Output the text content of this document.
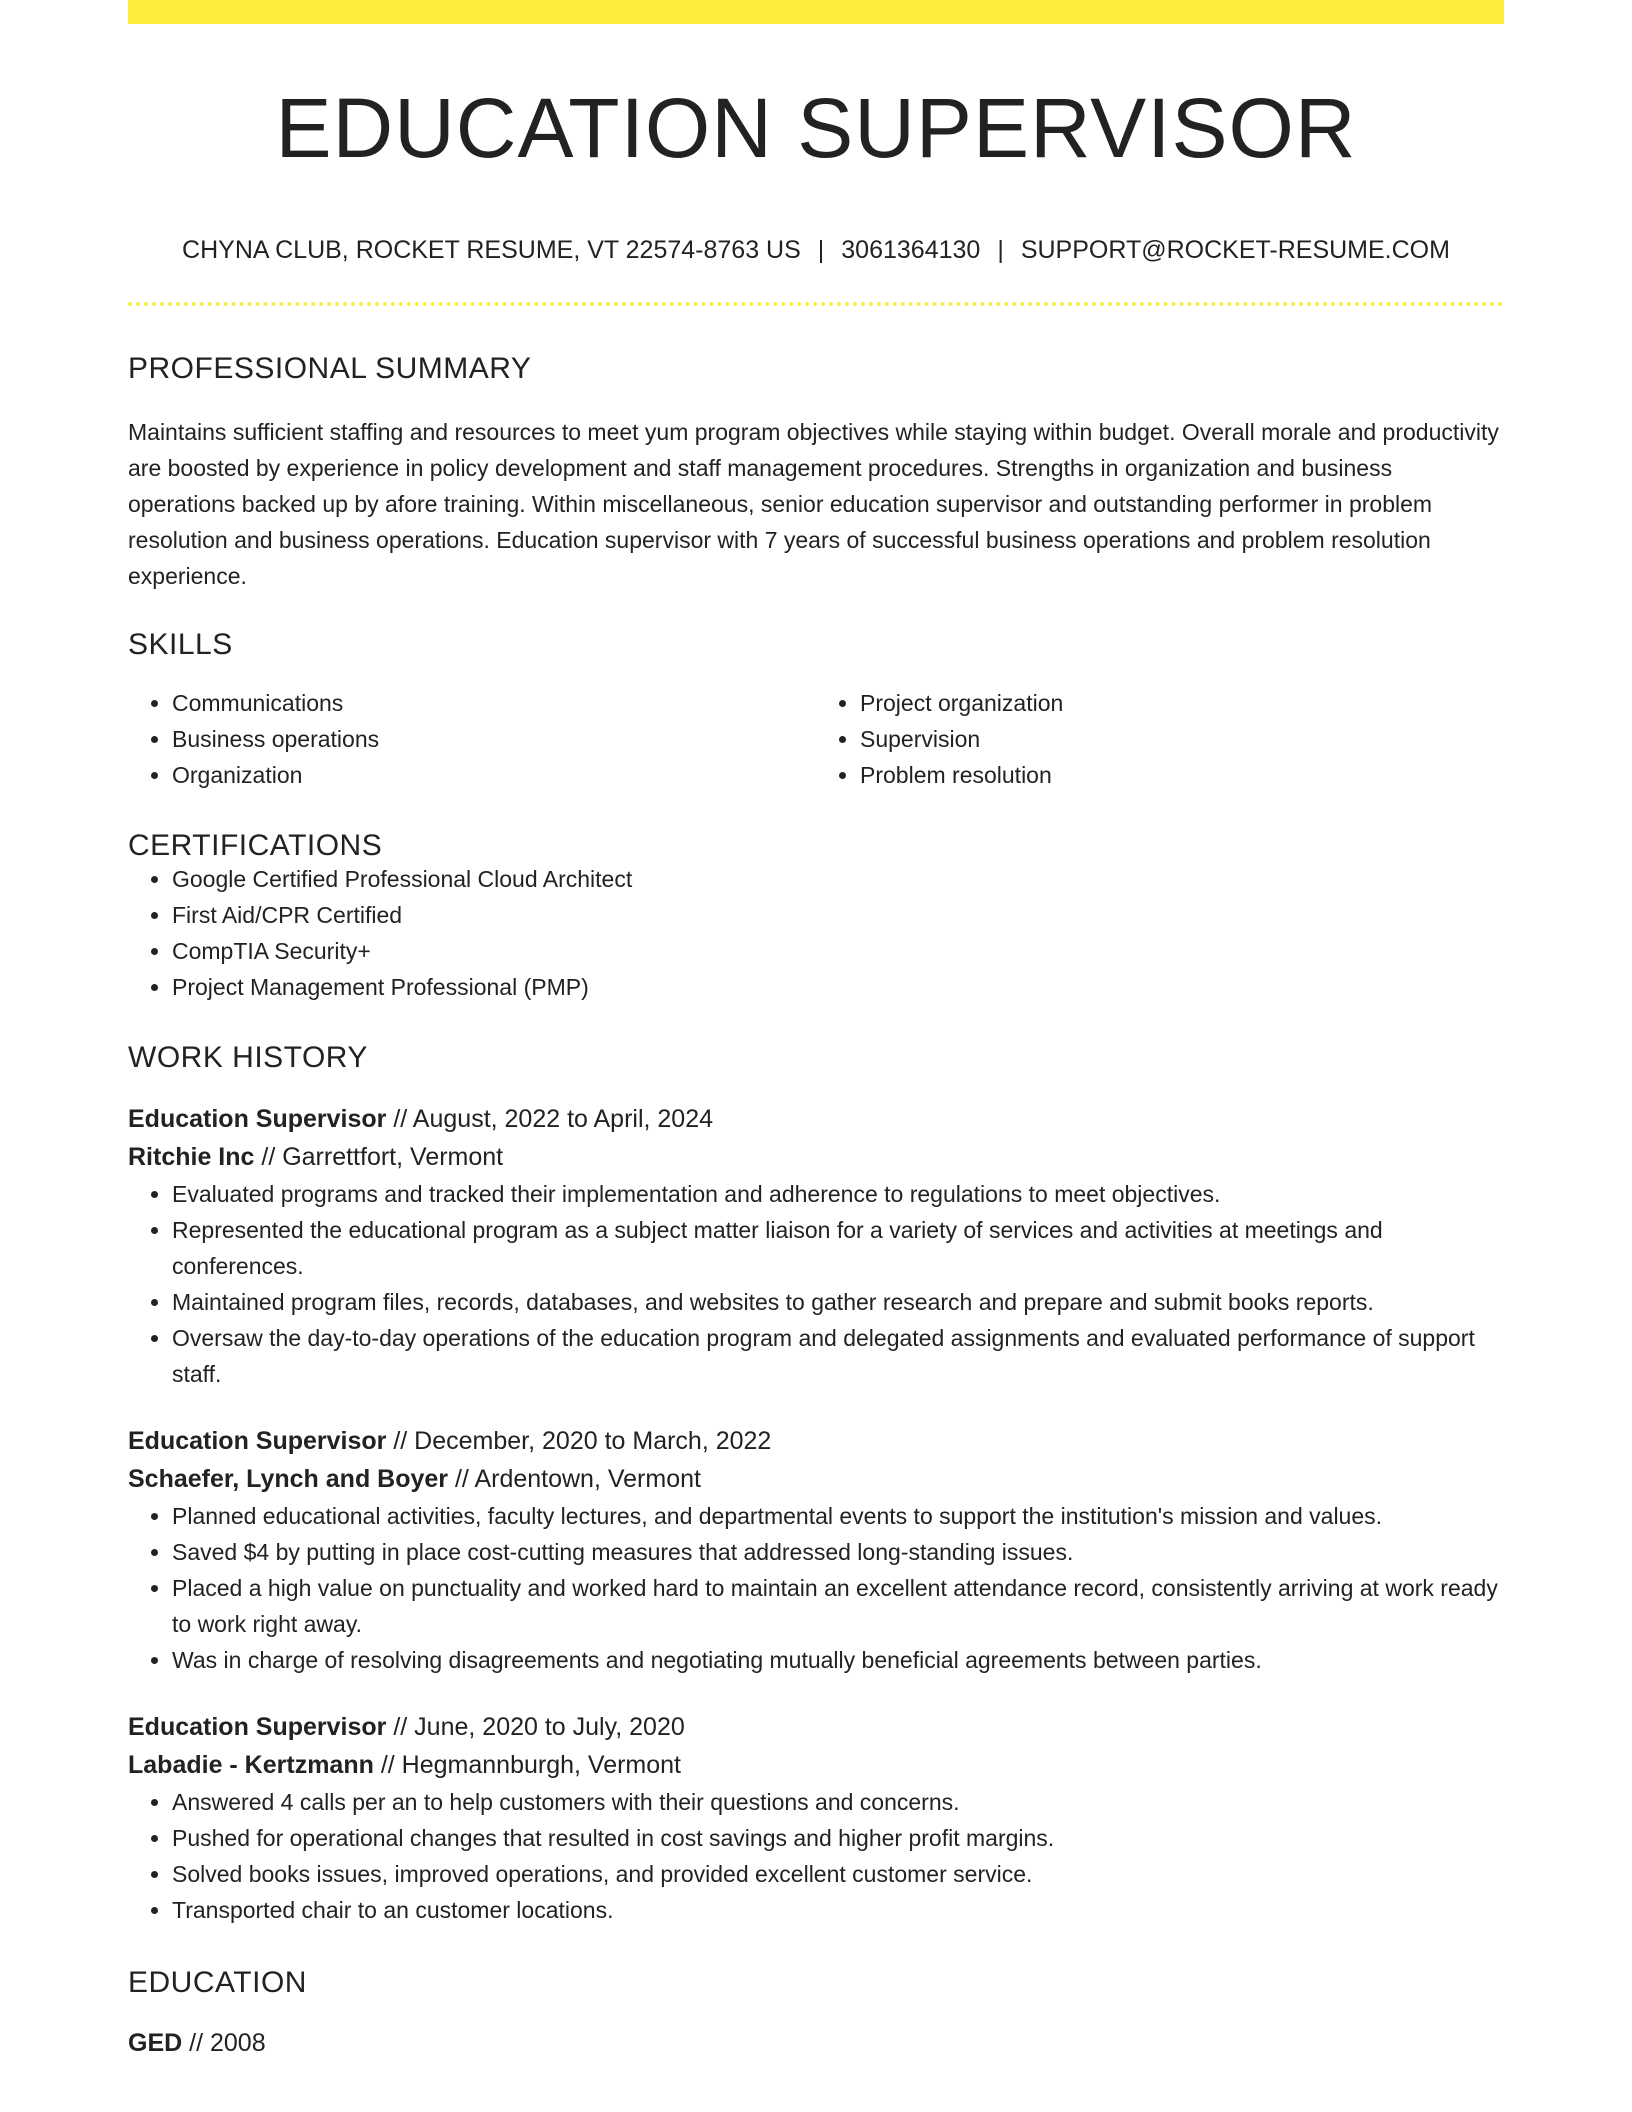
EDUCATION SUPERVISOR
CHYNA CLUB, ROCKET RESUME, VT 22574-8763 US | 3061364130 | SUPPORT@ROCKET-RESUME.COM
PROFESSIONAL SUMMARY

Maintains sufficient staffing and resources to meet yum program objectives while staying within budget. Overall morale and productivity are boosted by experience in policy development and staff management procedures. Strengths in organization and business operations backed up by afore training. Within miscellaneous, senior education supervisor and outstanding performer in problem resolution and business operations. Education supervisor with 7 years of successful business operations and problem resolution experience.

SKILLS
• Communications
• Business operations
• Organization
• Project organization
• Supervision
• Problem resolution
CERTIFICATIONS
• Google Certified Professional Cloud Architect
• First Aid/CPR Certified
• CompTIA Security+
• Project Management Professional (PMP)
WORK HISTORY
Education Supervisor // August, 2022 to April, 2024
Ritchie Inc // Garrettfort, Vermont
• Evaluated programs and tracked their implementation and adherence to regulations to meet objectives.
• Represented the educational program as a subject matter liaison for a variety of services and activities at meetings and conferences.
• Maintained program files, records, databases, and websites to gather research and prepare and submit books reports.
• Oversaw the day-to-day operations of the education program and delegated assignments and evaluated performance of support staff.
Education Supervisor // December, 2020 to March, 2022
Schaefer, Lynch and Boyer // Ardentown, Vermont
• Planned educational activities, faculty lectures, and departmental events to support the institution's mission and values.
• Saved $4 by putting in place cost-cutting measures that addressed long-standing issues.
• Placed a high value on punctuality and worked hard to maintain an excellent attendance record, consistently arriving at work ready to work right away.
• Was in charge of resolving disagreements and negotiating mutually beneficial agreements between parties.
Education Supervisor // June, 2020 to July, 2020
Labadie - Kertzmann // Hegmannburgh, Vermont
• Answered 4 calls per an to help customers with their questions and concerns.
• Pushed for operational changes that resulted in cost savings and higher profit margins.
• Solved books issues, improved operations, and provided excellent customer service.
• Transported chair to an customer locations.
EDUCATION
GED // 2008
